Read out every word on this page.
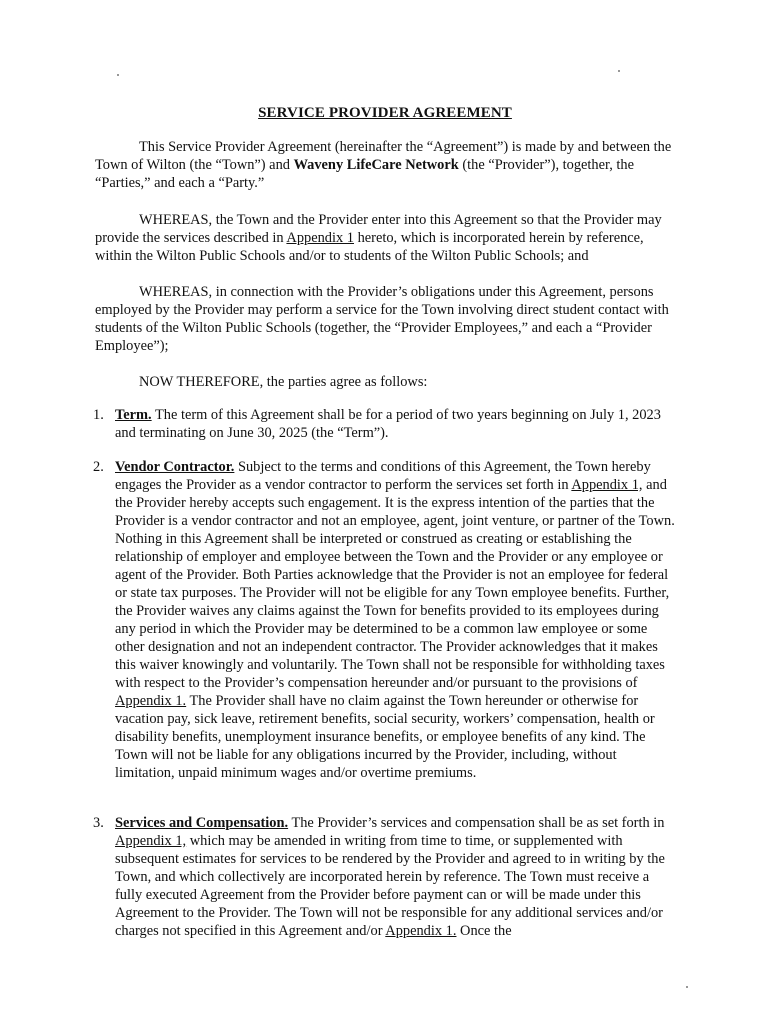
SERVICE PROVIDER AGREEMENT

This Service Provider Agreement (hereinafter the “Agreement”) is made by and between the Town of Wilton (the “Town”) and Waveny LifeCare Network (the “Provider”), together, the “Parties,” and each a “Party.”

WHEREAS, the Town and the Provider enter into this Agreement so that the Provider may provide the services described in Appendix 1 hereto, which is incorporated herein by reference, within the Wilton Public Schools and/or to students of the Wilton Public Schools; and

WHEREAS, in connection with the Provider’s obligations under this Agreement, persons employed by the Provider may perform a service for the Town involving direct student contact with students of the Wilton Public Schools (together, the “Provider Employees,” and each a “Provider Employee”);

NOW THEREFORE, the parties agree as follows:

1. Term. The term of this Agreement shall be for a period of two years beginning on July 1, 2023 and terminating on June 30, 2025 (the “Term”).
2. Vendor Contractor. Subject to the terms and conditions of this Agreement, the Town hereby engages the Provider as a vendor contractor to perform the services set forth in Appendix 1, and the Provider hereby accepts such engagement. It is the express intention of the parties that the Provider is a vendor contractor and not an employee, agent, joint venture, or partner of the Town. Nothing in this Agreement shall be interpreted or construed as creating or establishing the relationship of employer and employee between the Town and the Provider or any employee or agent of the Provider. Both Parties acknowledge that the Provider is not an employee for federal or state tax purposes. The Provider will not be eligible for any Town employee benefits. Further, the Provider waives any claims against the Town for benefits provided to its employees during any period in which the Provider may be determined to be a common law employee or some other designation and not an independent contractor. The Provider acknowledges that it makes this waiver knowingly and voluntarily. The Town shall not be responsible for withholding taxes with respect to the Provider’s compensation hereunder and/or pursuant to the provisions of Appendix 1. The Provider shall have no claim against the Town hereunder or otherwise for vacation pay, sick leave, retirement benefits, social security, workers’ compensation, health or disability benefits, unemployment insurance benefits, or employee benefits of any kind. The Town will not be liable for any obligations incurred by the Provider, including, without limitation, unpaid minimum wages and/or overtime premiums.
3. Services and Compensation. The Provider’s services and compensation shall be as set forth in Appendix 1, which may be amended in writing from time to time, or supplemented with subsequent estimates for services to be rendered by the Provider and agreed to in writing by the Town, and which collectively are incorporated herein by reference. The Town must receive a fully executed Agreement from the Provider before payment can or will be made under this Agreement to the Provider. The Town will not be responsible for any additional services and/or charges not specified in this Agreement and/or Appendix 1. Once the
